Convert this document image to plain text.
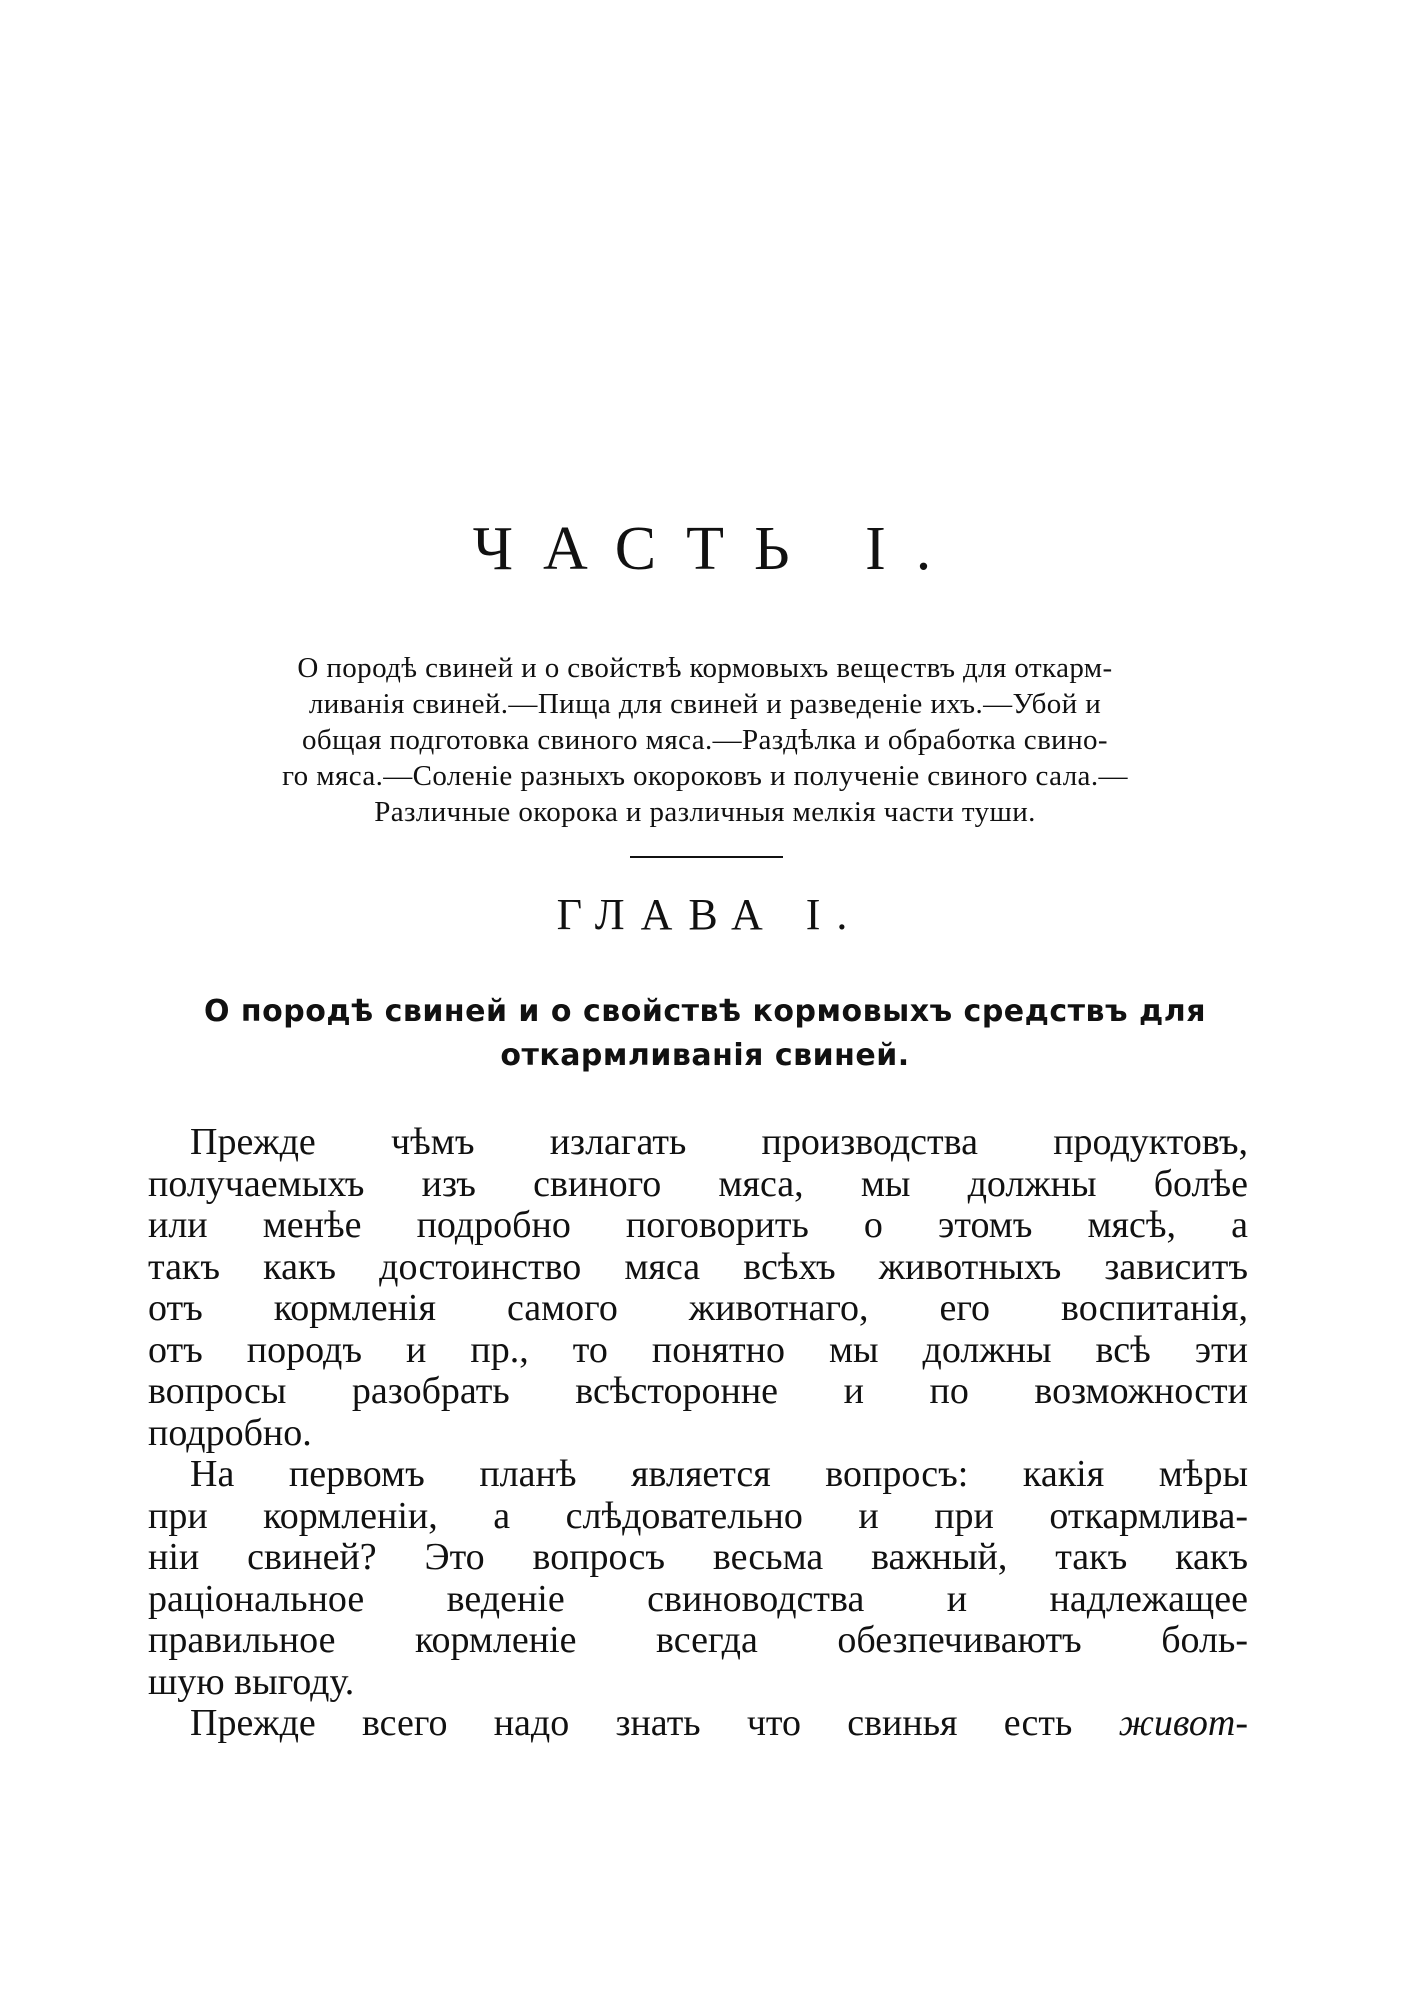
ЧАСТЬ I.
О породѣ свиней и о свойствѣ кормовыхъ веществъ для откарм-
ливанія свиней.—Пища для свиней и разведеніе ихъ.—Убой и
общая подготовка свиного мяса.—Раздѣлка и обработка свино-
го мяса.—Соленіе разныхъ окороковъ и полученіе свиного сала.—
Различные окорока и различныя мелкія части туши.
ГЛАВА I.
О породѣ свиней и о свойствѣ кормовыхъ средствъ для
откармливанія свиней.
Прежде чѣмъ излагать производства продуктовъ,
получаемыхъ изъ свиного мяса, мы должны болѣе
или менѣе подробно поговорить о этомъ мясѣ, а
такъ какъ достоинство мяса всѣхъ животныхъ зависитъ
отъ кормленія самого животнаго, его воспитанія,
отъ породъ и пр., то понятно мы должны всѣ эти
вопросы разобрать всѣсторонне и по возможности
подробно.
На первомъ планѣ является вопросъ: какія мѣры
при кормленіи, а слѣдовательно и при откармлива-
ніи свиней? Это вопросъ весьма важный, такъ какъ
раціональное веденіе свиноводства и надлежащее
правильное кормленіе всегда обезпечиваютъ боль-
шую выгоду.
Прежде всего надо знать что свинья есть живот-
